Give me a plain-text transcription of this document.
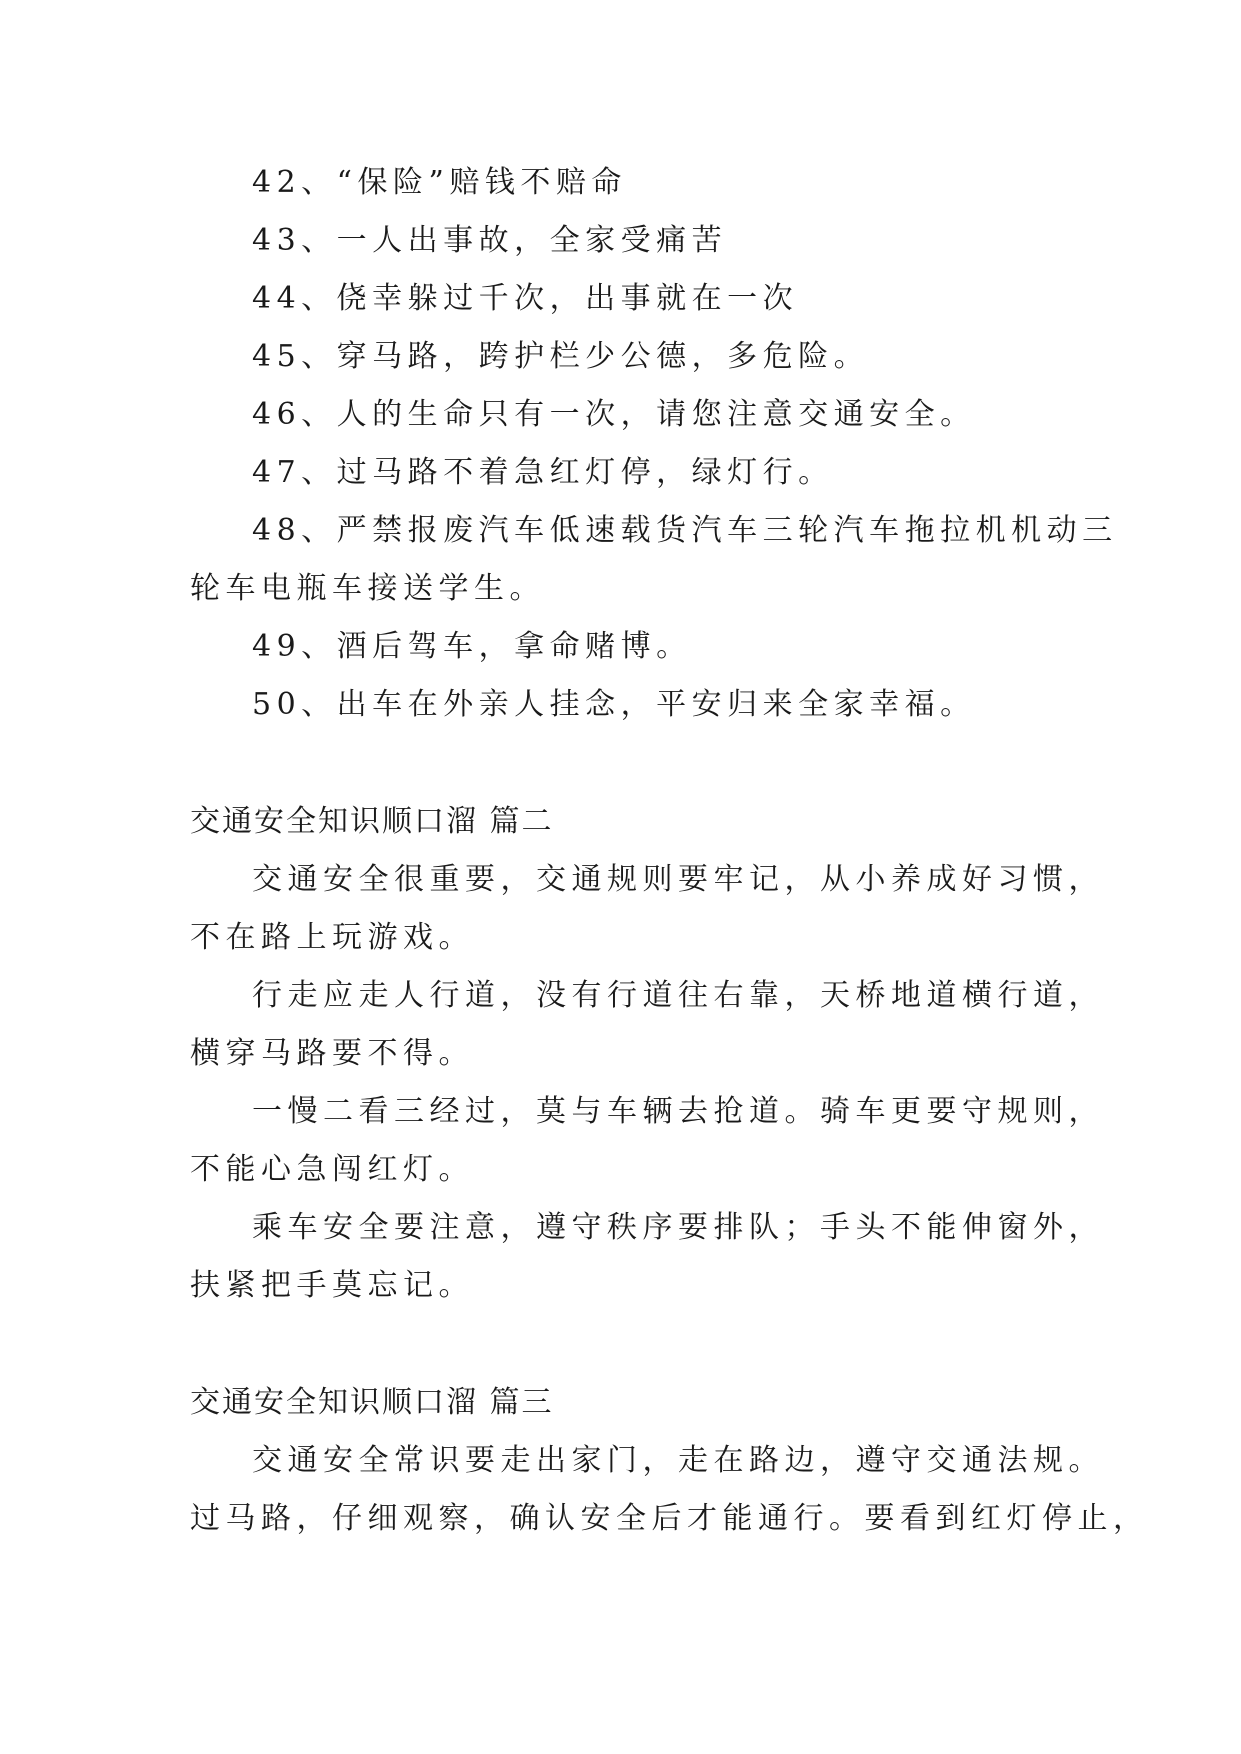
42、“保险”赔钱不赔命
43、一人出事故，全家受痛苦
44、侥幸躲过千次，出事就在一次
45、穿马路，跨护栏少公德，多危险。
46、人的生命只有一次，请您注意交通安全。
47、过马路不着急红灯停，绿灯行。
48、严禁报废汽车低速载货汽车三轮汽车拖拉机机动三
轮车电瓶车接送学生。
49、酒后驾车，拿命赌博。
50、出车在外亲人挂念，平安归来全家幸福。
交通安全知识顺口溜 篇二
交通安全很重要，交通规则要牢记，从小养成好习惯，
不在路上玩游戏。
行走应走人行道，没有行道往右靠，天桥地道横行道，
横穿马路要不得。
一慢二看三经过，莫与车辆去抢道。骑车更要守规则，
不能心急闯红灯。
乘车安全要注意，遵守秩序要排队；手头不能伸窗外，
扶紧把手莫忘记。
交通安全知识顺口溜 篇三
交通安全常识要走出家门，走在路边，遵守交通法规。
过马路，仔细观察，确认安全后才能通行。要看到红灯停止，
